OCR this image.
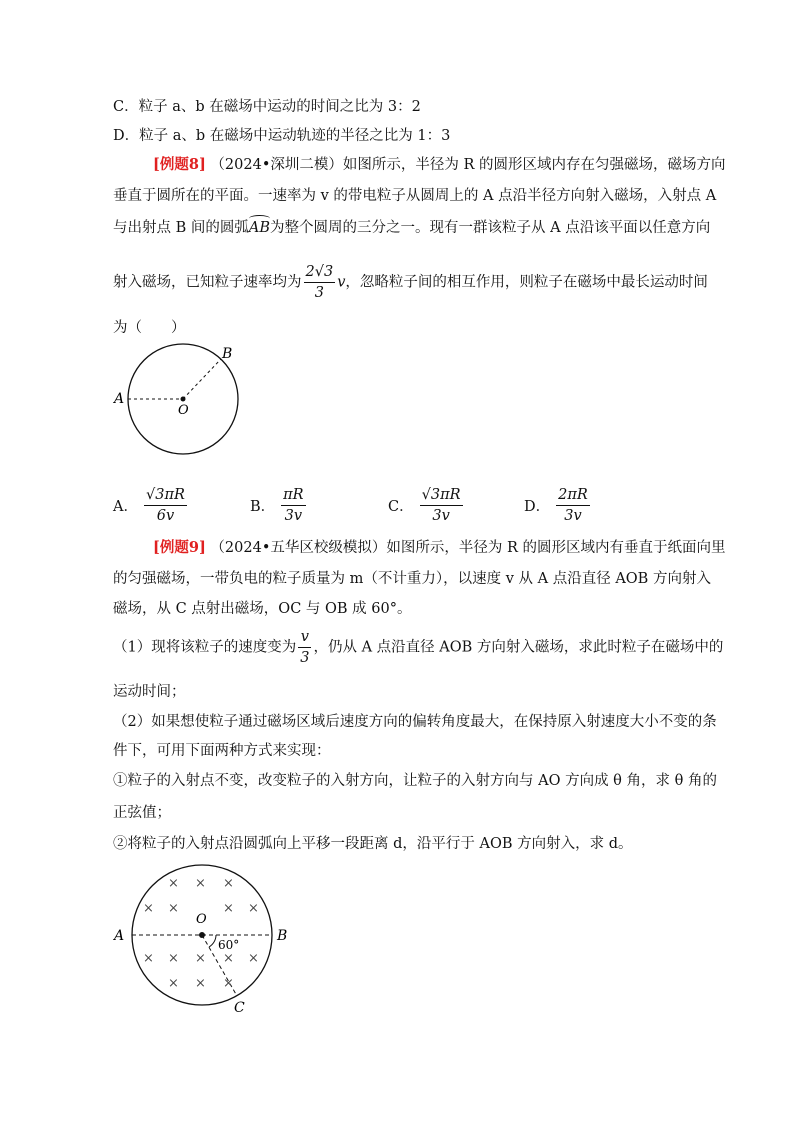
C．粒子 a、b 在磁场中运动的时间之比为 3：2
D．粒子 a、b 在磁场中运动轨迹的半径之比为 1：3
[例题8] （2024•深圳二模）如图所示，半径为 R 的圆形区域内存在匀强磁场，磁场方向
垂直于圆所在的平面。一速率为 v 的带电粒子从圆周上的 A 点沿半径方向射入磁场，入射点 A
与出射点 B 间的圆弧AB为整个圆周的三分之一。现有一群该粒子从 A 点沿该平面以任意方向
射入磁场，已知粒子速率均为 $\frac{2√3}{3}$ v，忽略粒子间的相互作用，则粒子在磁场中最长运动时间
为（　　）
A
B
O
A． $\frac{√3\pi R}{6v}$	B． $\frac{\pi R}{3v}$	C． $\frac{√3\pi R}{3v}$	D． $\frac{2\pi R}{3v}$
[例题9] （2024•五华区校级模拟）如图所示，半径为 R 的圆形区域内有垂直于纸面向里
的匀强磁场，一带负电的粒子质量为 m（不计重力），以速度 v 从 A 点沿直径 AOB 方向射入
磁场，从 C 点射出磁场，OC 与 OB 成 60°。
（1）现将该粒子的速度变为 $\frac{v}{3}$ ，仍从 A 点沿直径 AOB 方向射入磁场，求此时粒子在磁场中的
运动时间；
（2）如果想使粒子通过磁场区域后速度方向的偏转角度最大，在保持原入射速度大小不变的条
件下，可用下面两种方式来实现：
①粒子的入射点不变，改变粒子的入射方向，让粒子的入射方向与 AO 方向成 θ 角，求 θ 角的
正弦值；
②将粒子的入射点沿圆弧向上平移一段距离 d，沿平行于 AOB 方向射入，求 d。
× × ×
× ×	× ×
× × × × ×
× × ×
A	B
O
C
60°
